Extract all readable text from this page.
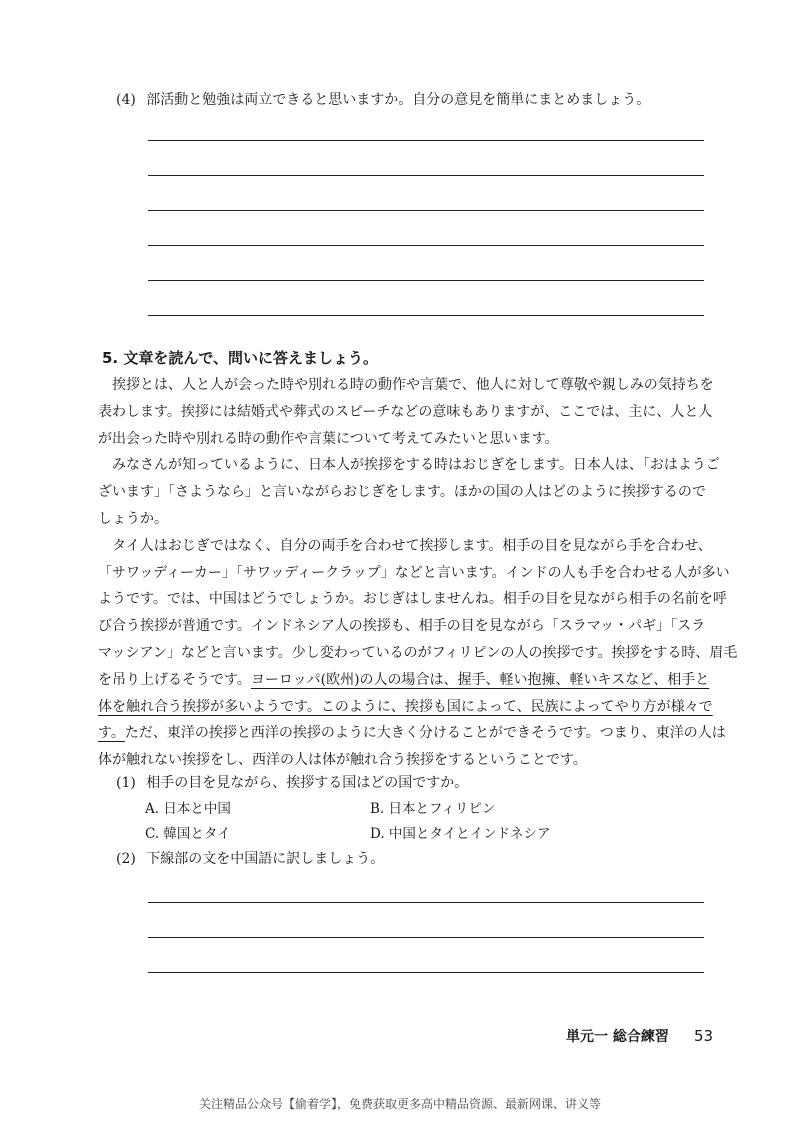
(4) 部活動と勉強は両立できると思いますか。自分の意見を簡単にまとめましょう。
5. 文章を読んで、問いに答えましょう。
挨拶とは、人と人が会った時や別れる時の動作や言葉で、他人に対して尊敬や親しみの気持ちを
表わします。挨拶には結婚式や葬式のスピーチなどの意味もありますが、ここでは、主に、人と人
が出会った時や別れる時の動作や言葉について考えてみたいと思います。
みなさんが知っているように、日本人が挨拶をする時はおじぎをします。日本人は、「おはようご
ざいます」「さようなら」と言いながらおじぎをします。ほかの国の人はどのように挨拶するので
しょうか。
タイ人はおじぎではなく、自分の両手を合わせて挨拶します。相手の目を見ながら手を合わせ、
「サワッディーカー」「サワッディークラップ」などと言います。インドの人も手を合わせる人が多い
ようです。では、中国はどうでしょうか。おじぎはしませんね。相手の目を見ながら相手の名前を呼
び合う挨拶が普通です。インドネシア人の挨拶も、相手の目を見ながら「スラマッ・パギ」「スラ
マッシアン」などと言います。少し変わっているのがフィリピンの人の挨拶です。挨拶をする時、眉毛
を吊り上げるそうです。ヨーロッパ(欧州)の人の場合は、握手、軽い抱擁、軽いキスなど、相手と
体を触れ合う挨拶が多いようです。このように、挨拶も国によって、民族によってやり方が様々で
す。ただ、東洋の挨拶と西洋の挨拶のように大きく分けることができそうです。つまり、東洋の人は
体が触れない挨拶をし、西洋の人は体が触れ合う挨拶をするということです。
(1) 相手の目を見ながら、挨拶する国はどの国ですか。
A. 日本と中国	B. 日本とフィリピン
C. 韓国とタイ	D. 中国とタイとインドネシア
(2) 下線部の文を中国語に訳しましょう。
単元一 総合練習 53
关注精品公众号【偷着学】，免费获取更多高中精品资源、最新网课、讲义等
